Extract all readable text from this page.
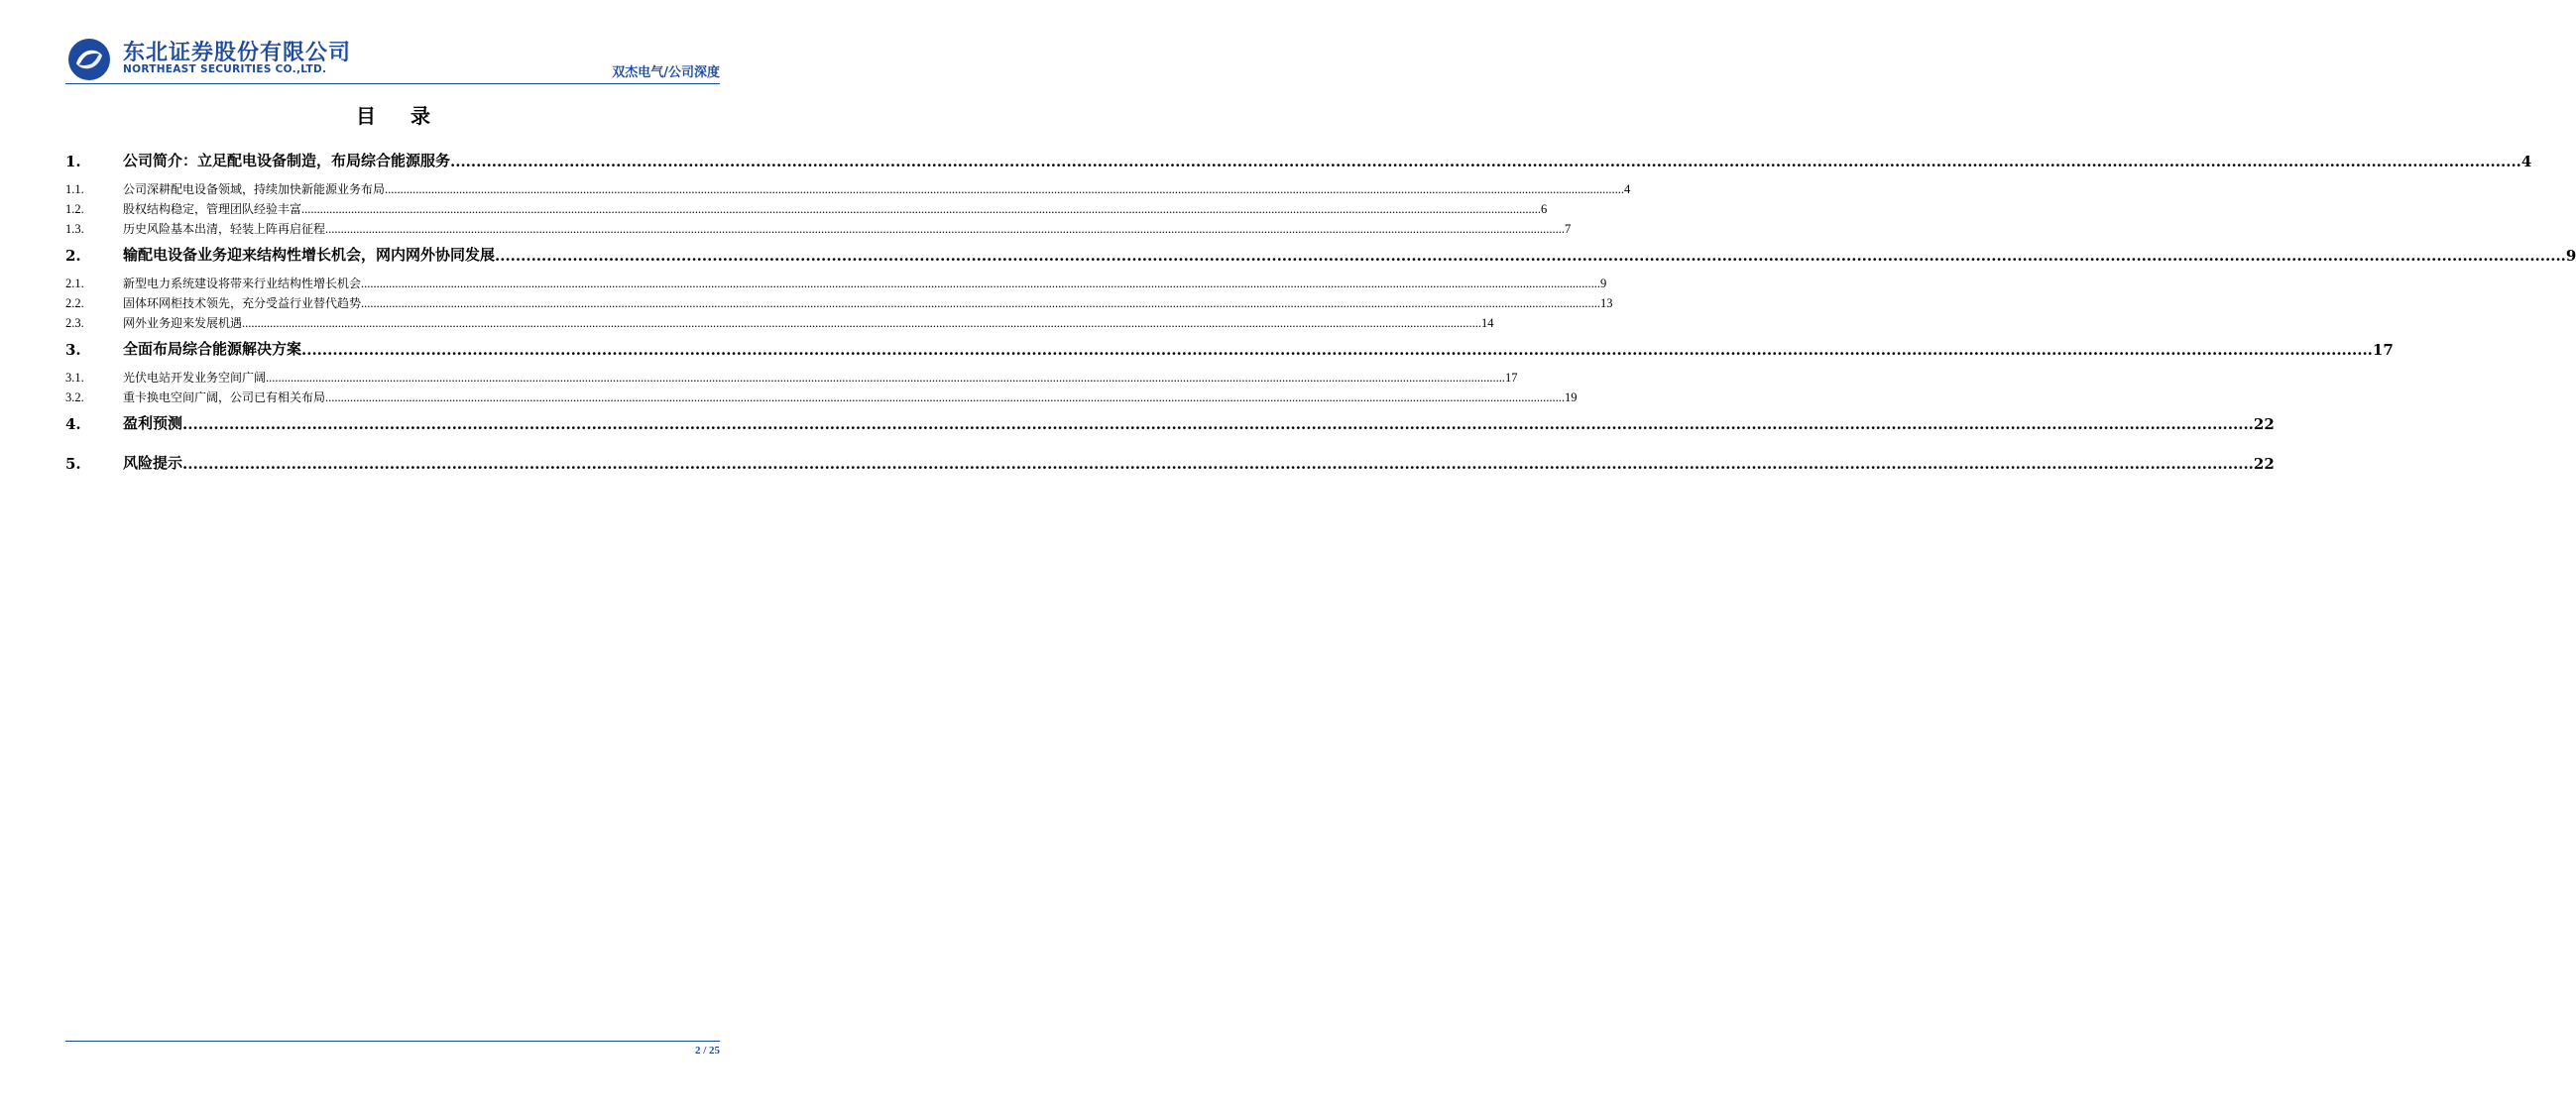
东北证券股份有限公司
NORTHEAST SECURITIES CO.,LTD.	双杰电气/公司深度
目 录
1.	公司简介：立足配电设备制造，布局综合能源服务 ................................................................................................................................................................................................................................................................................................................................................................................................................ 4
1.1.	公司深耕配电设备领域，持续加快新能源业务布局 ................................................................................................................................................................................................................................................................................................................................................................................................................ 4
1.2.	股权结构稳定，管理团队经验丰富 ................................................................................................................................................................................................................................................................................................................................................................................................................ 6
1.3.	历史风险基本出清，轻装上阵再启征程 ................................................................................................................................................................................................................................................................................................................................................................................................................ 7
2.	输配电设备业务迎来结构性增长机会，网内网外协同发展 ................................................................................................................................................................................................................................................................................................................................................................................................................ 9
2.1.	新型电力系统建设将带来行业结构性增长机会 ................................................................................................................................................................................................................................................................................................................................................................................................................ 9
2.2.	固体环网柜技术领先，充分受益行业替代趋势 ................................................................................................................................................................................................................................................................................................................................................................................................................ 13
2.3.	网外业务迎来发展机遇 ................................................................................................................................................................................................................................................................................................................................................................................................................ 14
3.	全面布局综合能源解决方案 ................................................................................................................................................................................................................................................................................................................................................................................................................ 17
3.1.	光伏电站开发业务空间广阔 ................................................................................................................................................................................................................................................................................................................................................................................................................ 17
3.2.	重卡换电空间广阔，公司已有相关布局 ................................................................................................................................................................................................................................................................................................................................................................................................................ 19
4.	盈利预测 ................................................................................................................................................................................................................................................................................................................................................................................................................ 22
5.	风险提示 ................................................................................................................................................................................................................................................................................................................................................................................................................ 22
2 / 25
